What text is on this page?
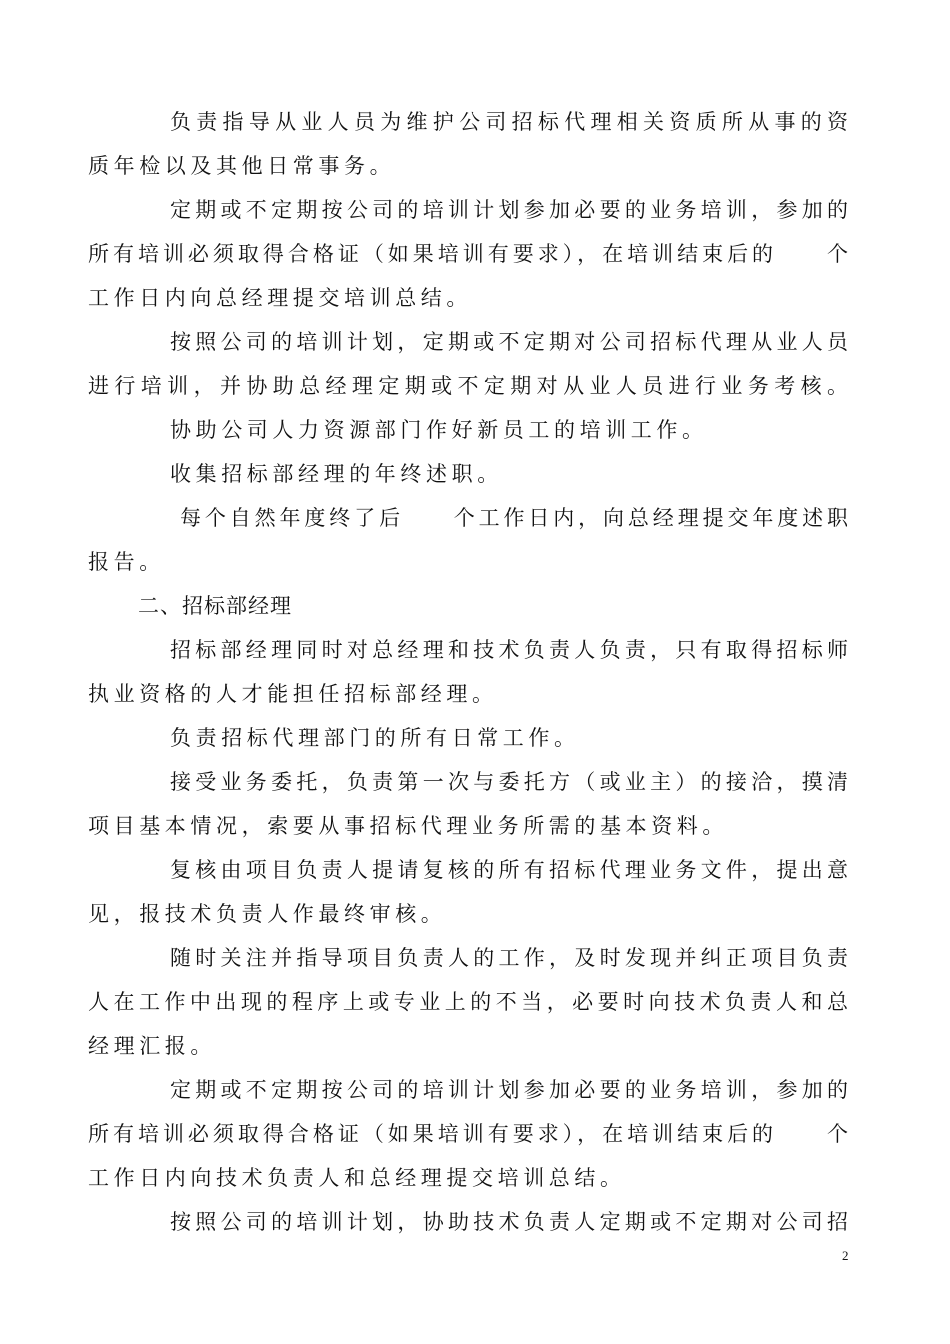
负责指导从业人员为维护公司招标代理相关资质所从事的资
质年检以及其他日常事务。
定期或不定期按公司的培训计划参加必要的业务培训，参加的
所有培训必须取得合格证（如果培训有要求），在培训结束后的　　个
工作日内向总经理提交培训总结。
按照公司的培训计划，定期或不定期对公司招标代理从业人员
进行培训，并协助总经理定期或不定期对从业人员进行业务考核。
协助公司人力资源部门作好新员工的培训工作。
收集招标部经理的年终述职。
每个自然年度终了后　　个工作日内，向总经理提交年度述职
报告。
二、招标部经理
招标部经理同时对总经理和技术负责人负责，只有取得招标师
执业资格的人才能担任招标部经理。
负责招标代理部门的所有日常工作。
接受业务委托，负责第一次与委托方（或业主）的接洽，摸清
项目基本情况，索要从事招标代理业务所需的基本资料。
复核由项目负责人提请复核的所有招标代理业务文件，提出意
见，报技术负责人作最终审核。
随时关注并指导项目负责人的工作，及时发现并纠正项目负责
人在工作中出现的程序上或专业上的不当，必要时向技术负责人和总
经理汇报。
定期或不定期按公司的培训计划参加必要的业务培训，参加的
所有培训必须取得合格证（如果培训有要求），在培训结束后的　　个
工作日内向技术负责人和总经理提交培训总结。
按照公司的培训计划，协助技术负责人定期或不定期对公司招
2
